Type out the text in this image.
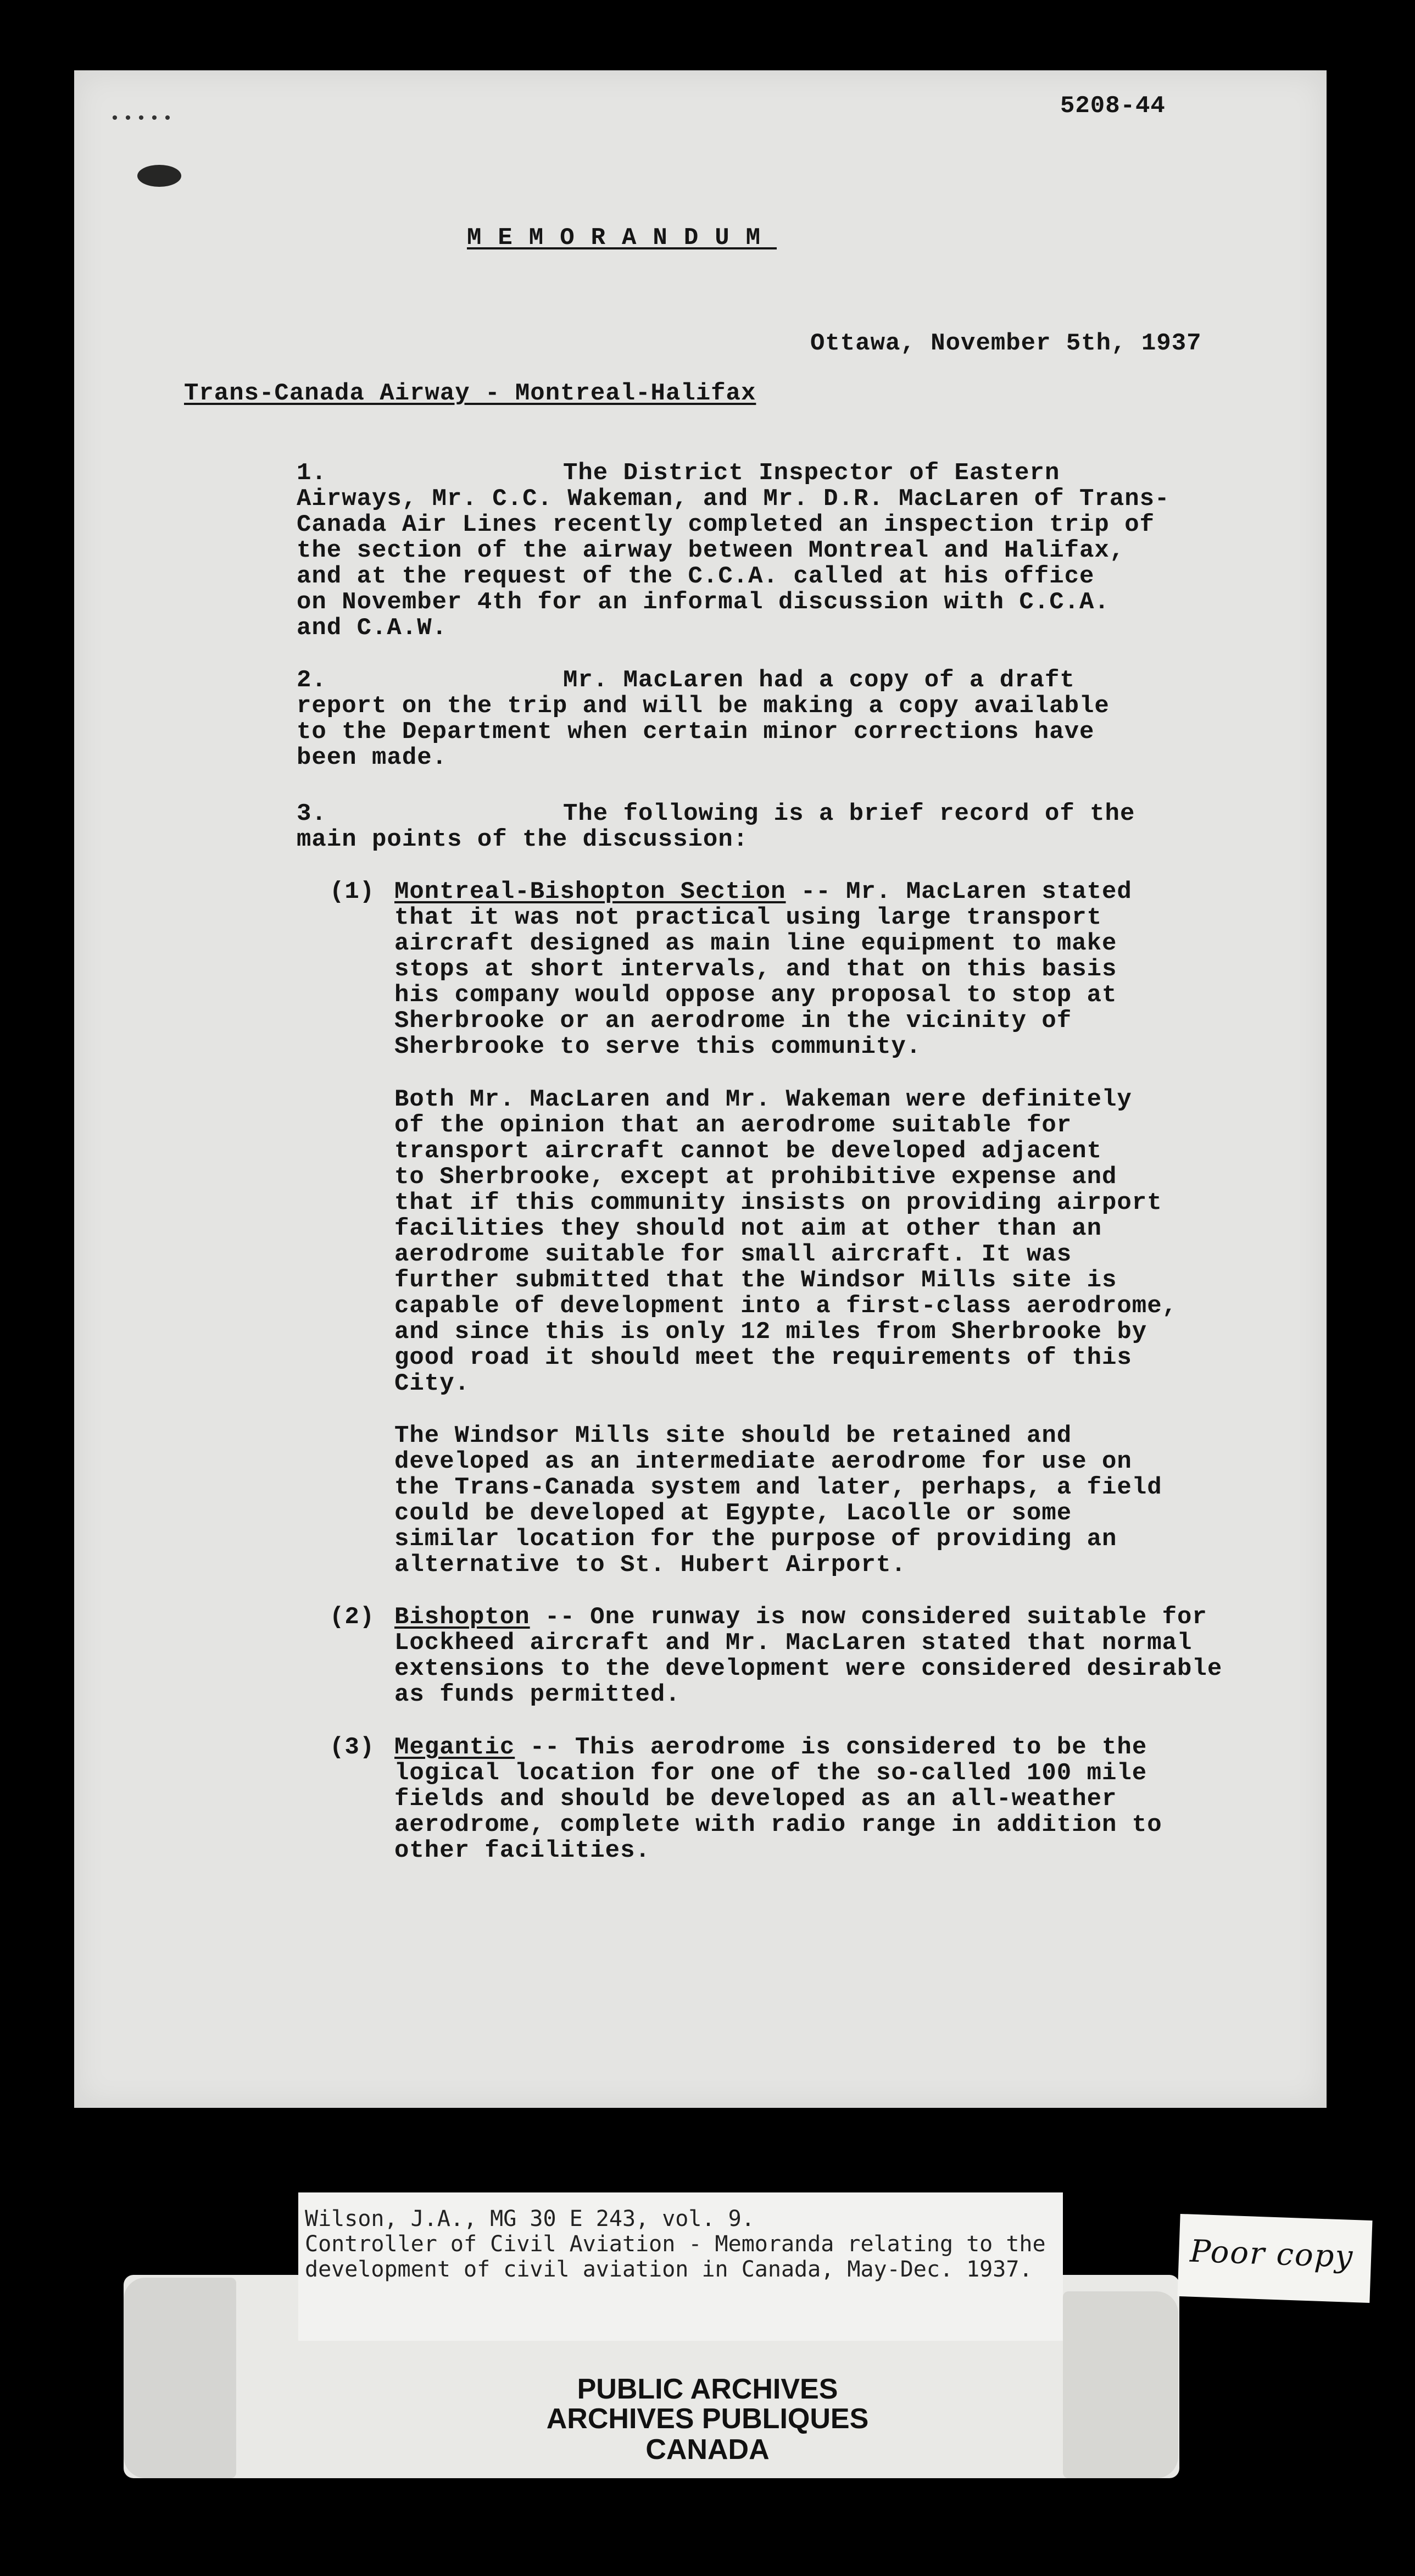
•••••	5208-44
MEMORANDUM
Ottawa, November 5th, 1937
Trans-Canada Airway - Montreal-Halifax
1.	The District Inspector of Eastern
Airways, Mr. C.C. Wakeman, and Mr. D.R. MacLaren of Trans-
Canada Air Lines recently completed an inspection trip of
the section of the airway between Montreal and Halifax,
and at the request of the C.C.A. called at his office
on November 4th for an informal discussion with C.C.A.
and C.A.W.
2.	Mr. MacLaren had a copy of a draft
report on the trip and will be making a copy available
to the Department when certain minor corrections have
been made.
3.	The following is a brief record of the
main points of the discussion:
(1) Montreal-Bishopton Section -- Mr. MacLaren stated
that it was not practical using large transport
aircraft designed as main line equipment to make
stops at short intervals, and that on this basis
his company would oppose any proposal to stop at
Sherbrooke or an aerodrome in the vicinity of
Sherbrooke to serve this community.
Both Mr. MacLaren and Mr. Wakeman were definitely
of the opinion that an aerodrome suitable for
transport aircraft cannot be developed adjacent
to Sherbrooke, except at prohibitive expense and
that if this community insists on providing airport
facilities they should not aim at other than an
aerodrome suitable for small aircraft. It was
further submitted that the Windsor Mills site is
capable of development into a first-class aerodrome,
and since this is only 12 miles from Sherbrooke by
good road it should meet the requirements of this
City.
The Windsor Mills site should be retained and
developed as an intermediate aerodrome for use on
the Trans-Canada system and later, perhaps, a field
could be developed at Egypte, Lacolle or some
similar location for the purpose of providing an
alternative to St. Hubert Airport.
(2) Bishopton -- One runway is now considered suitable for
Lockheed aircraft and Mr. MacLaren stated that normal
extensions to the development were considered desirable
as funds permitted.
(3) Megantic -- This aerodrome is considered to be the
logical location for one of the so-called 100 mile
fields and should be developed as an all-weather
aerodrome, complete with radio range in addition to
other facilities.
Wilson, J.A., MG 30 E 243, vol. 9.
Controller of Civil Aviation - Memoranda relating to the
development of civil aviation in Canada, May-Dec. 1937.
PUBLIC ARCHIVES
ARCHIVES PUBLIQUES
CANADA
Poor copy
